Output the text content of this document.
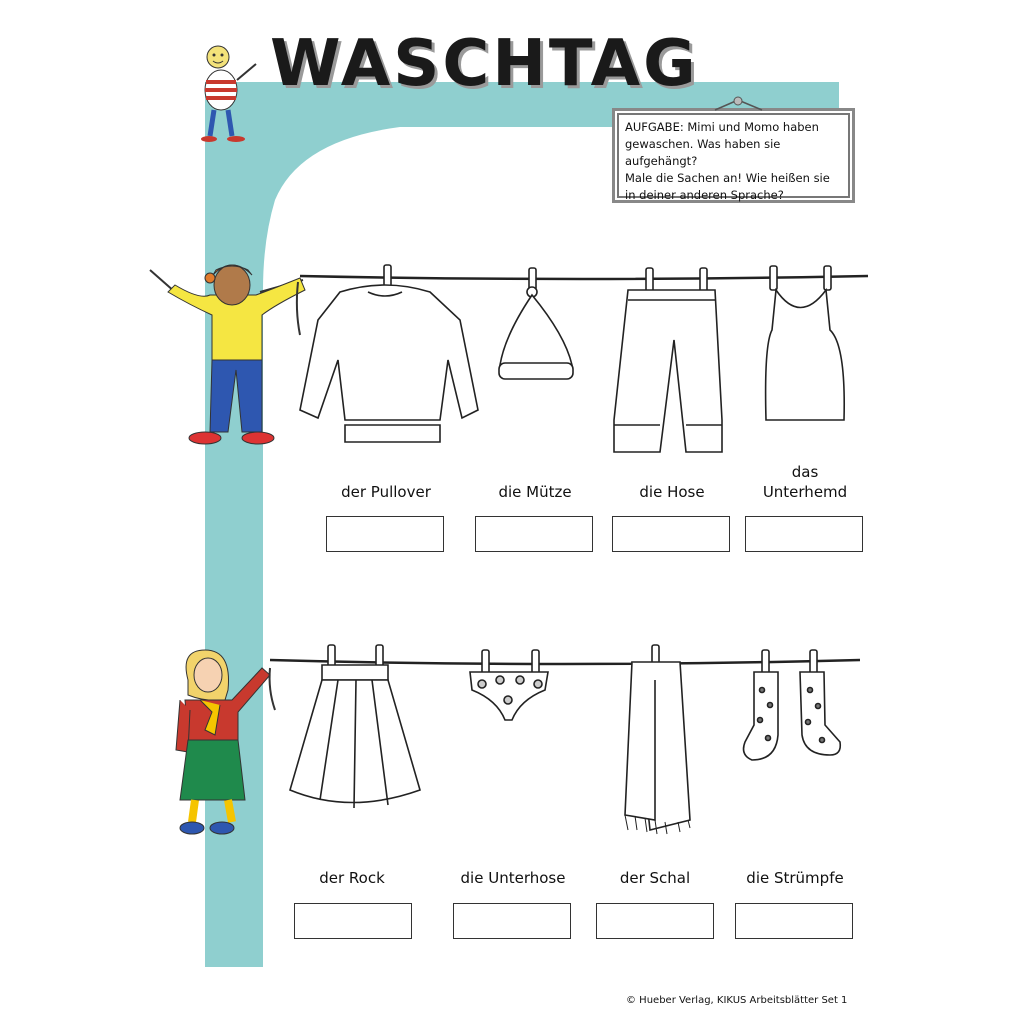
WASCHTAG
AUFGABE: Mimi und Momo haben
gewaschen. Was haben sie aufgehängt?
Male die Sachen an! Wie heißen sie
in deiner anderen Sprache?
der Pullover	die Mütze	die Hose
das
Unterhemd
der Rock	die Unterhose	der Schal	die Strümpfe
© Hueber Verlag, KIKUS Arbeitsblätter Set 1
